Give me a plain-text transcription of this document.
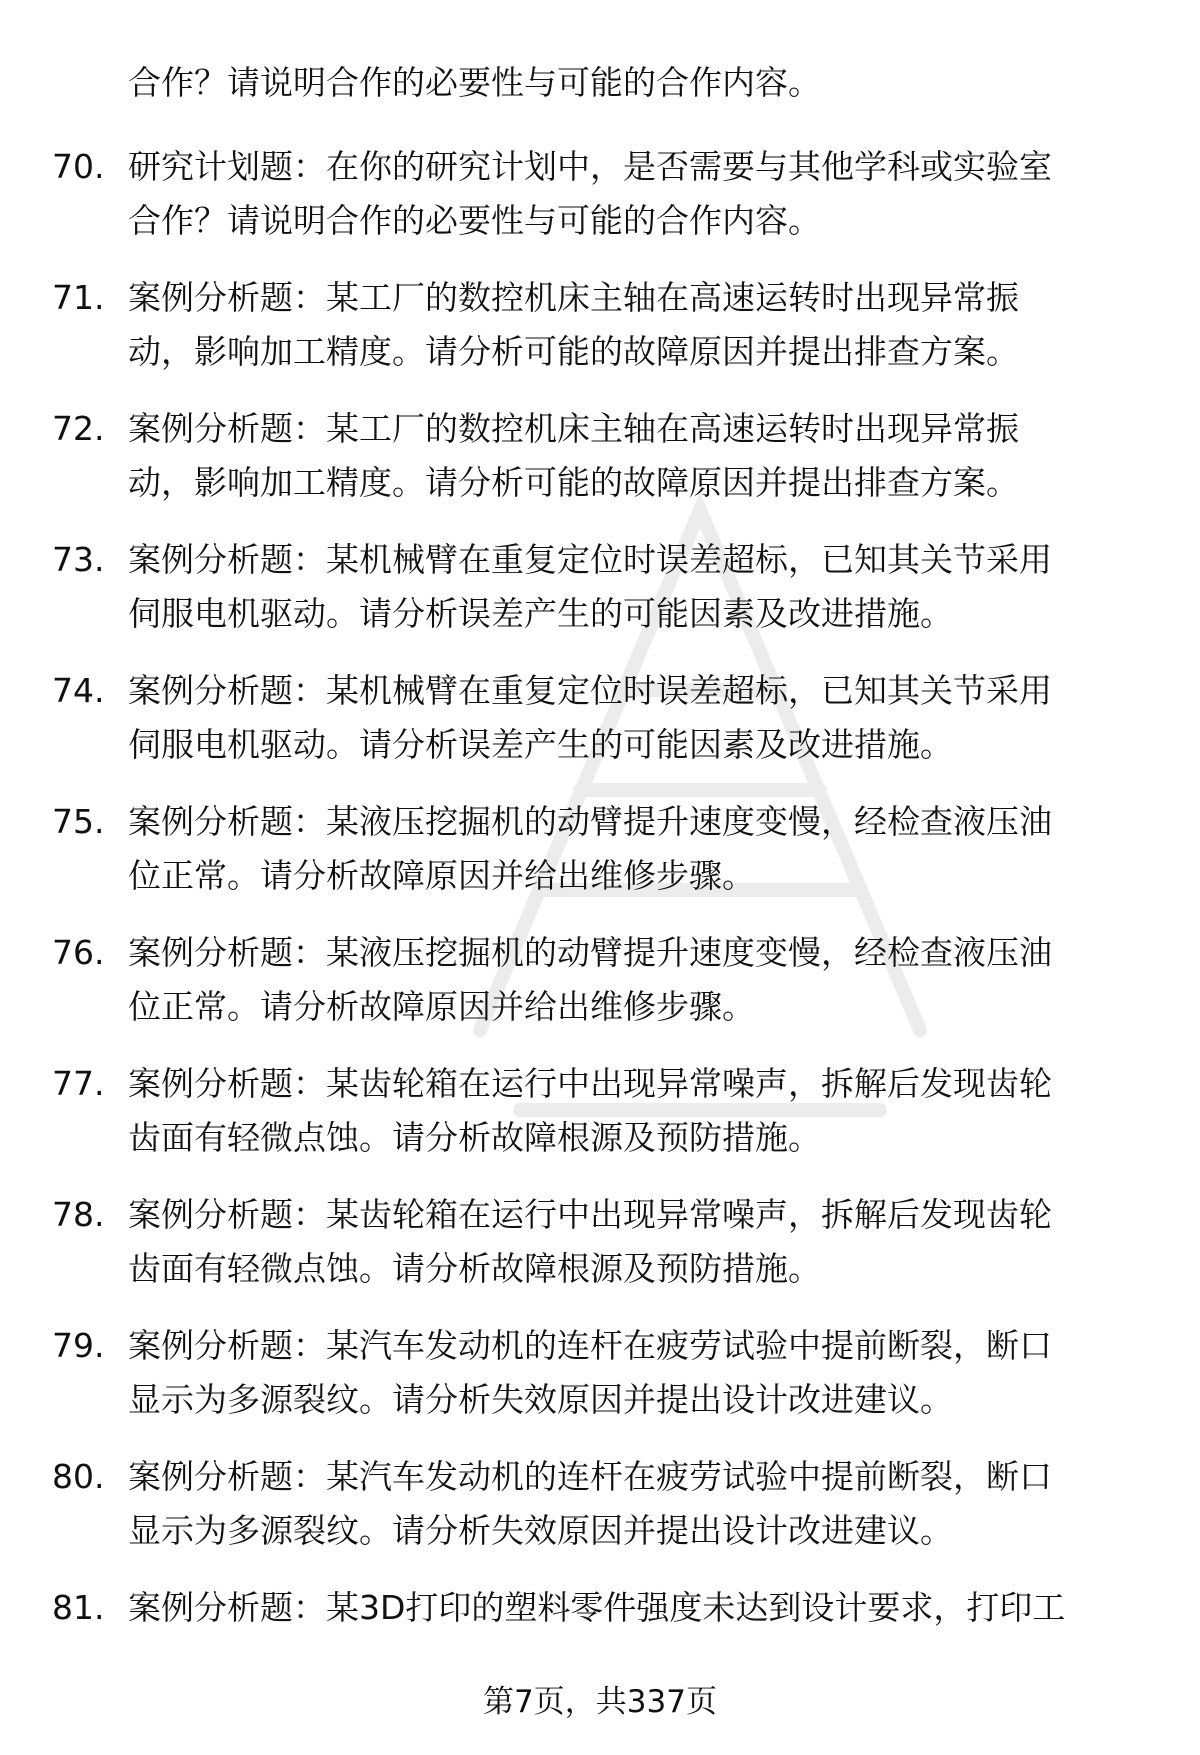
合作？请说明合作的必要性与可能的合作内容。
70. 研究计划题：在你的研究计划中，是否需要与其他学科或实验室
合作？请说明合作的必要性与可能的合作内容。
71. 案例分析题：某工厂的数控机床主轴在高速运转时出现异常振
动，影响加工精度。请分析可能的故障原因并提出排查方案。
72. 案例分析题：某工厂的数控机床主轴在高速运转时出现异常振
动，影响加工精度。请分析可能的故障原因并提出排查方案。
73. 案例分析题：某机械臂在重复定位时误差超标，已知其关节采用
伺服电机驱动。请分析误差产生的可能因素及改进措施。
74. 案例分析题：某机械臂在重复定位时误差超标，已知其关节采用
伺服电机驱动。请分析误差产生的可能因素及改进措施。
75. 案例分析题：某液压挖掘机的动臂提升速度变慢，经检查液压油
位正常。请分析故障原因并给出维修步骤。
76. 案例分析题：某液压挖掘机的动臂提升速度变慢，经检查液压油
位正常。请分析故障原因并给出维修步骤。
77. 案例分析题：某齿轮箱在运行中出现异常噪声，拆解后发现齿轮
齿面有轻微点蚀。请分析故障根源及预防措施。
78. 案例分析题：某齿轮箱在运行中出现异常噪声，拆解后发现齿轮
齿面有轻微点蚀。请分析故障根源及预防措施。
79. 案例分析题：某汽车发动机的连杆在疲劳试验中提前断裂，断口
显示为多源裂纹。请分析失效原因并提出设计改进建议。
80. 案例分析题：某汽车发动机的连杆在疲劳试验中提前断裂，断口
显示为多源裂纹。请分析失效原因并提出设计改进建议。
81. 案例分析题：某3D打印的塑料零件强度未达到设计要求，打印工
第7页，共337页
